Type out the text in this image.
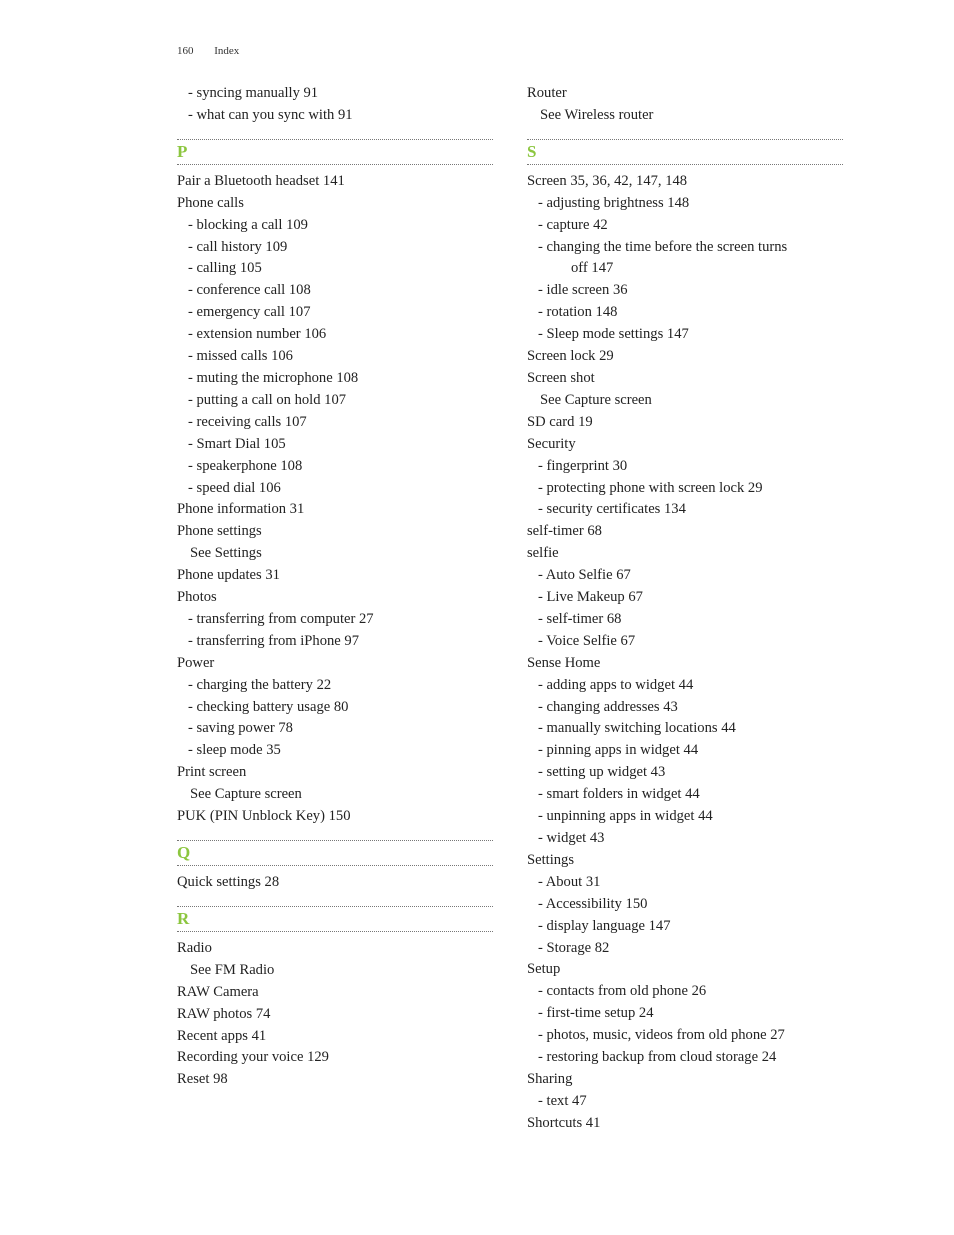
160 Index
- syncing manually 91
- what can you sync with 91
P
Pair a Bluetooth headset 141
Phone calls
- blocking a call 109
- call history 109
- calling 105
- conference call 108
- emergency call 107
- extension number 106
- missed calls 106
- muting the microphone 108
- putting a call on hold 107
- receiving calls 107
- Smart Dial 105
- speakerphone 108
- speed dial 106
Phone information 31
Phone settings
See Settings
Phone updates 31
Photos
- transferring from computer 27
- transferring from iPhone 97
Power
- charging the battery 22
- checking battery usage 80
- saving power 78
- sleep mode 35
Print screen
See Capture screen
PUK (PIN Unblock Key) 150
Q
Quick settings 28
R
Radio
See FM Radio
RAW Camera
RAW photos 74
Recent apps 41
Recording your voice 129
Reset 98
Router
See Wireless router
S
Screen 35, 36, 42, 147, 148
- adjusting brightness 148
- capture 42
- changing the time before the screen turns
off 147
- idle screen 36
- rotation 148
- Sleep mode settings 147
Screen lock 29
Screen shot
See Capture screen
SD card 19
Security
- fingerprint 30
- protecting phone with screen lock 29
- security certificates 134
self-timer 68
selfie
- Auto Selfie 67
- Live Makeup 67
- self-timer 68
- Voice Selfie 67
Sense Home
- adding apps to widget 44
- changing addresses 43
- manually switching locations 44
- pinning apps in widget 44
- setting up widget 43
- smart folders in widget 44
- unpinning apps in widget 44
- widget 43
Settings
- About 31
- Accessibility 150
- display language 147
- Storage 82
Setup
- contacts from old phone 26
- first-time setup 24
- photos, music, videos from old phone 27
- restoring backup from cloud storage 24
Sharing
- text 47
Shortcuts 41
